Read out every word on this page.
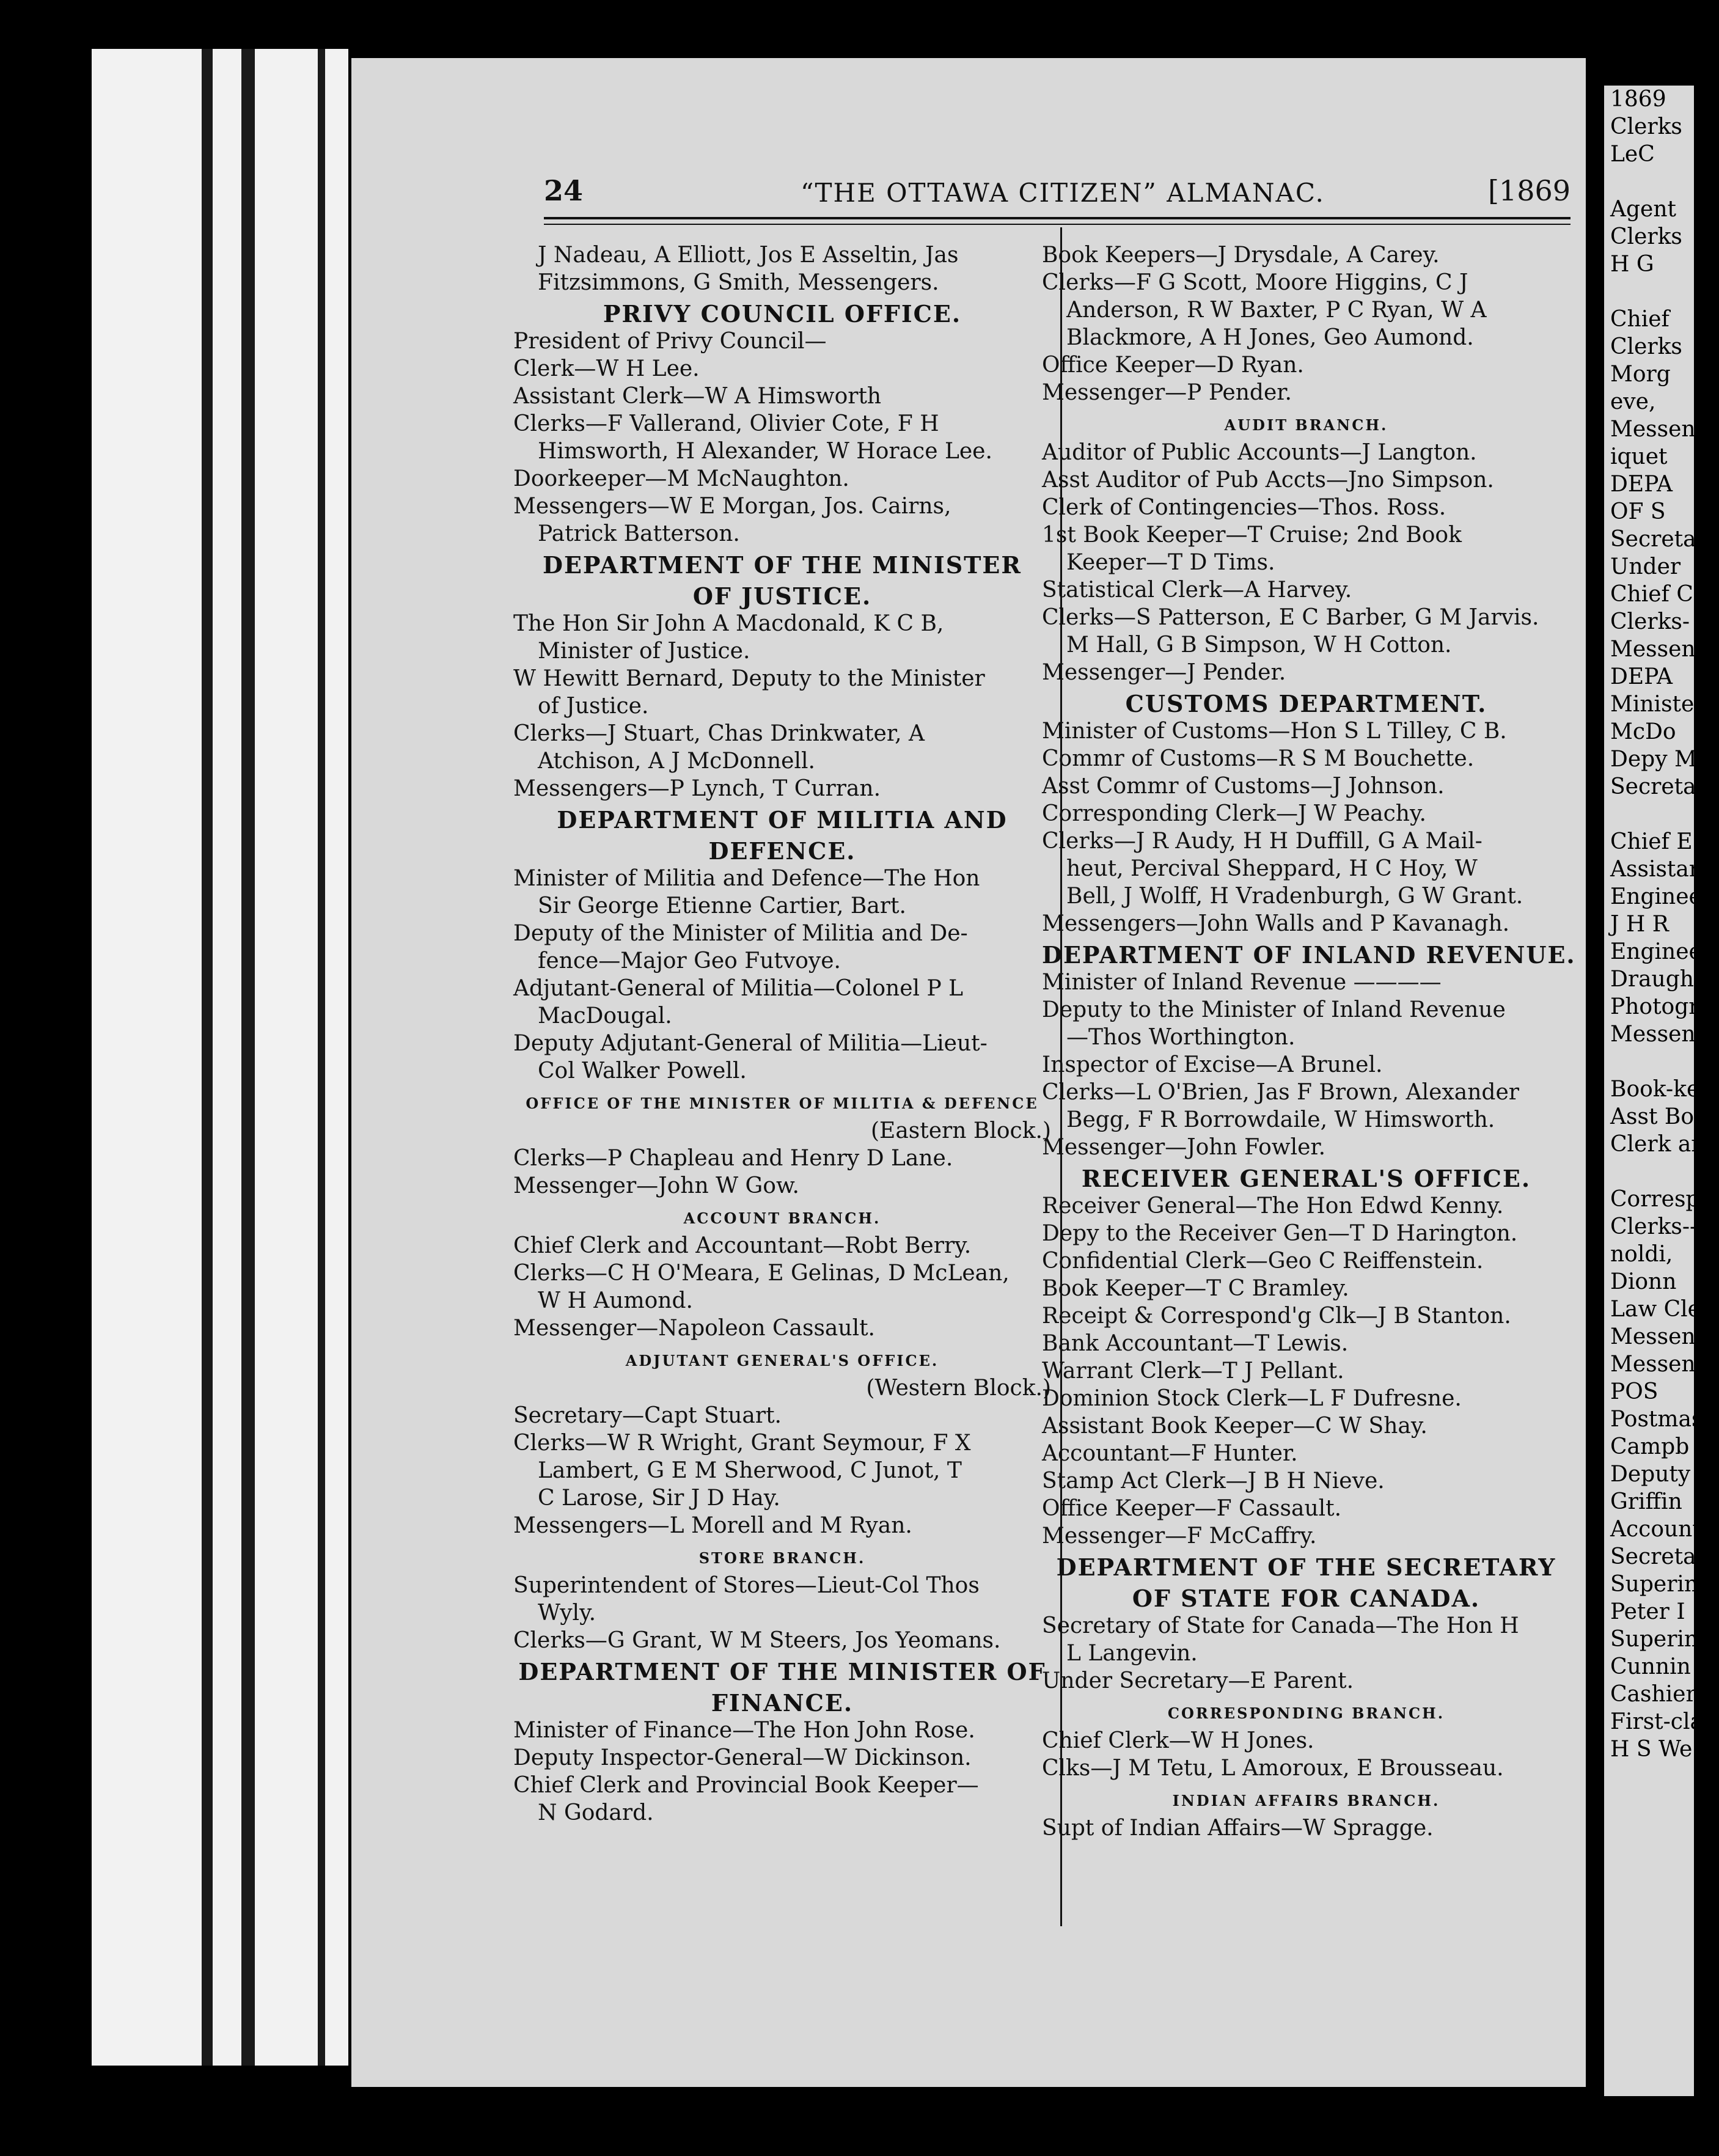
24	“THE OTTAWA CITIZEN” ALMANAC.	[1869
J Nadeau, A Elliott, Jos E Asseltin, Jas
Fitzsimmons, G Smith, Messengers.
PRIVY COUNCIL OFFICE.
President of Privy Council—
Clerk—W H Lee.
Assistant Clerk—W A Himsworth
Clerks—F Vallerand, Olivier Cote, F H
Himsworth, H Alexander, W Horace Lee.
Doorkeeper—M McNaughton.
Messengers—W E Morgan, Jos. Cairns,
Patrick Batterson.
DEPARTMENT OF THE MINISTER
OF JUSTICE.
The Hon Sir John A Macdonald, K C B,
Minister of Justice.
W Hewitt Bernard, Deputy to the Minister
of Justice.
Clerks—J Stuart, Chas Drinkwater, A
Atchison, A J McDonnell.
Messengers—P Lynch, T Curran.
DEPARTMENT OF MILITIA AND
DEFENCE.
Minister of Militia and Defence—The Hon
Sir George Etienne Cartier, Bart.
Deputy of the Minister of Militia and De-
fence—Major Geo Futvoye.
Adjutant-General of Militia—Colonel P L
MacDougal.
Deputy Adjutant-General of Militia—Lieut-
Col Walker Powell.
OFFICE OF THE MINISTER OF MILITIA & DEFENCE
(Eastern Block.)
Clerks—P Chapleau and Henry D Lane.
Messenger—John W Gow.
ACCOUNT BRANCH.
Chief Clerk and Accountant—Robt Berry.
Clerks—C H O'Meara, E Gelinas, D McLean,
W H Aumond.
Messenger—Napoleon Cassault.
ADJUTANT GENERAL'S OFFICE.
(Western Block.)
Secretary—Capt Stuart.
Clerks—W R Wright, Grant Seymour, F X
Lambert, G E M Sherwood, C Junot, T
C Larose, Sir J D Hay.
Messengers—L Morell and M Ryan.
STORE BRANCH.
Superintendent of Stores—Lieut-Col Thos
Wyly.
Clerks—G Grant, W M Steers, Jos Yeomans.
DEPARTMENT OF THE MINISTER OF
FINANCE.
Minister of Finance—The Hon John Rose.
Deputy Inspector-General—W Dickinson.
Chief Clerk and Provincial Book Keeper—
N Godard.
Book Keepers—J Drysdale, A Carey.
Clerks—F G Scott, Moore Higgins, C J
Anderson, R W Baxter, P C Ryan, W A
Blackmore, A H Jones, Geo Aumond.
Office Keeper—D Ryan.
Messenger—P Pender.
AUDIT BRANCH.
Auditor of Public Accounts—J Langton.
Asst Auditor of Pub Accts—Jno Simpson.
Clerk of Contingencies—Thos. Ross.
1st Book Keeper—T Cruise; 2nd Book
Keeper—T D Tims.
Statistical Clerk—A Harvey.
Clerks—S Patterson, E C Barber, G M Jarvis.
M Hall, G B Simpson, W H Cotton.
Messenger—J Pender.
CUSTOMS DEPARTMENT.
Minister of Customs—Hon S L Tilley, C B.
Commr of Customs—R S M Bouchette.
Asst Commr of Customs—J Johnson.
Corresponding Clerk—J W Peachy.
Clerks—J R Audy, H H Duffill, G A Mail-
heut, Percival Sheppard, H C Hoy, W
Bell, J Wolff, H Vradenburgh, G W Grant.
Messengers—John Walls and P Kavanagh.
DEPARTMENT OF INLAND REVENUE.
Minister of Inland Revenue ————
Deputy to the Minister of Inland Revenue
—Thos Worthington.
Inspector of Excise—A Brunel.
Clerks—L O'Brien, Jas F Brown, Alexander
Begg, F R Borrowdaile, W Himsworth.
Messenger—John Fowler.
RECEIVER GENERAL'S OFFICE.
Receiver General—The Hon Edwd Kenny.
Depy to the Receiver Gen—T D Harington.
Confidential Clerk—Geo C Reiffenstein.
Book Keeper—T C Bramley.
Receipt & Correspond'g Clk—J B Stanton.
Bank Accountant—T Lewis.
Warrant Clerk—T J Pellant.
Dominion Stock Clerk—L F Dufresne.
Assistant Book Keeper—C W Shay.
Accountant—F Hunter.
Stamp Act Clerk—J B H Nieve.
Office Keeper—F Cassault.
Messenger—F McCaffry.
DEPARTMENT OF THE SECRETARY
OF STATE FOR CANADA.
Secretary of State for Canada—The Hon H
L Langevin.
Under Secretary—E Parent.
CORRESPONDING BRANCH.
Chief Clerk—W H Jones.
Clks—J M Tetu, L Amoroux, E Brousseau.
INDIAN AFFAIRS BRANCH.
Supt of Indian Affairs—W Spragge.
1869
Clerks
LeC

Agent
Clerks
H G

Chief
Clerks
Morg
eve,
Messen
iquet
DEPA
OF S
Secreta
Under
Chief C
Clerks-
Messen
DEPA
Ministe
McDo
Depy M
Secretar

Chief E
Assistan
Enginee
J H R
Enginee
Draught
Photogr
Messeng

Book-ke
Asst Boo
Clerk an

Correspo
Clerks--
noldi,
Dionn
Law Cle
Messeng
Messeng
POS
Postmast
Campb
Deputy
Griffin
Accounta
Secretary
Superint
Peter I
Superint
Cunnin
Cashier--
First-clas
H S We
